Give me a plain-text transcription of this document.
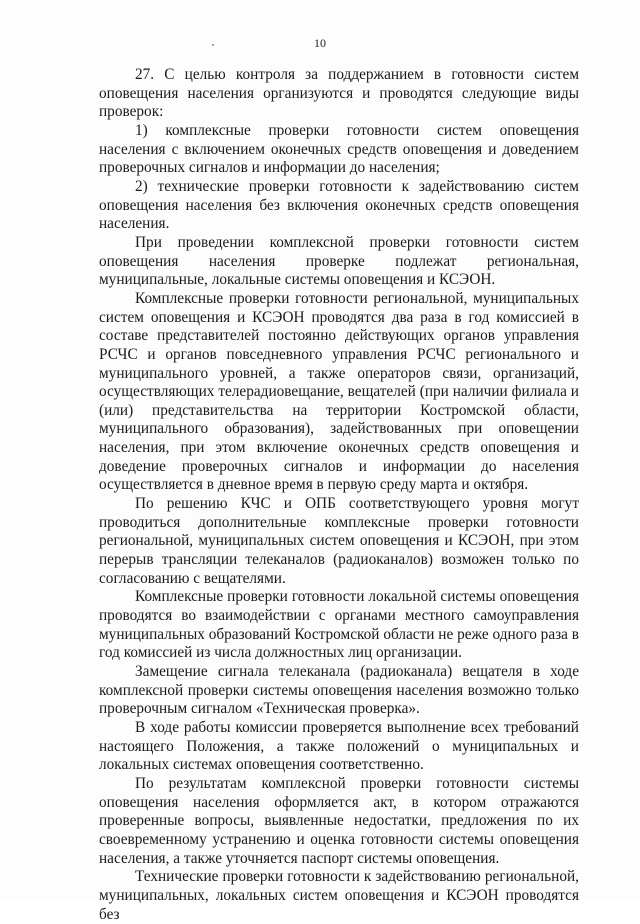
10

27. С целью контроля за поддержанием в готовности систем оповещения населения организуются и проводятся следующие виды проверок:

1) комплексные проверки готовности систем оповещения населения с включением оконечных средств оповещения и доведением проверочных сигналов и информации до населения;

2) технические проверки готовности к задействованию систем оповещения населения без включения оконечных средств оповещения населения.

При проведении комплексной проверки готовности систем оповещения населения проверке подлежат региональная, муниципальные, локальные системы оповещения и КСЭОН.

Комплексные проверки готовности региональной, муниципальных систем оповещения и КСЭОН проводятся два раза в год комиссией в составе представителей постоянно действующих органов управления РСЧС и органов повседневного управления РСЧС регионального и муниципального уровней, а также операторов связи, организаций, осуществляющих телерадиовещание, вещателей (при наличии филиала и (или) представительства на территории Костромской области, муниципального образования), задействованных при оповещении населения, при этом включение оконечных средств оповещения и доведение проверочных сигналов и информации до населения осуществляется в дневное время в первую среду марта и октября.

По решению КЧС и ОПБ соответствующего уровня могут проводиться дополнительные комплексные проверки готовности региональной, муниципальных систем оповещения и КСЭОН, при этом перерыв трансляции телеканалов (радиоканалов) возможен только по согласованию с вещателями.

Комплексные проверки готовности локальной системы оповещения проводятся во взаимодействии с органами местного самоуправления муниципальных образований Костромской области не реже одного раза в год комиссией из числа должностных лиц организации.

Замещение сигнала телеканала (радиоканала) вещателя в ходе комплексной проверки системы оповещения населения возможно только проверочным сигналом «Техническая проверка».

В ходе работы комиссии проверяется выполнение всех требований настоящего Положения, а также положений о муниципальных и локальных системах оповещения соответственно.

По результатам комплексной проверки готовности системы оповещения населения оформляется акт, в котором отражаются проверенные вопросы, выявленные недостатки, предложения по их своевременному устранению и оценка готовности системы оповещения населения, а также уточняется паспорт системы оповещения.

Технические проверки готовности к задействованию региональной, муниципальных, локальных систем оповещения и КСЭОН проводятся без
